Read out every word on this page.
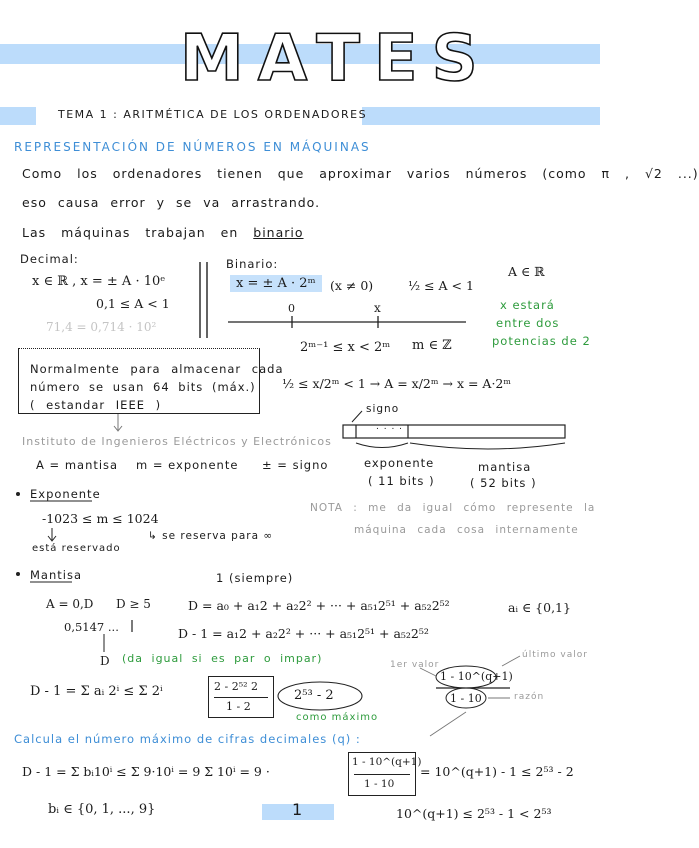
MATES
TEMA 1 : ARITMÉTICA DE LOS ORDENADORES
REPRESENTACIÓN DE NÚMEROS EN MÁQUINAS
Como los ordenadores tienen que aproximar varios números (como π , √2 ...)
eso causa error y se va arrastrando.
Las máquinas trabajan en binario
Decimal:
x ∈ ℝ , x = ± A · 10ᵉ
0,1 ≤ A < 1
71,4 = 0,714 · 10²
Binario:
x = ± A · 2ᵐ	(x ≠ 0)	½ ≤ A < 1
A ∈ ℝ
0	x	x estará
entre dos
potencias de 2
2ᵐ⁻¹ ≤ x < 2ᵐ m ∈ ℤ
½ ≤ x/2ᵐ < 1 → A = x/2ᵐ → x = A·2ᵐ
Normalmente para almacenar cada
número se usan 64 bits (máx.)
( estandar IEEE )
Instituto de Ingenieros Eléctricos y Electrónicos
A = mantisa m = exponente ± = signo
signo
. . . .
exponente
( 11 bits )
mantisa
( 52 bits )
Exponente
-1023 ≤ m ≤ 1024
está reservado
↳ se reserva para ∞
NOTA : me da igual cómo represente la
máquina cada cosa internamente
Mantisa	1 (siempre)
A = 0,D D ≥ 5
0,5147 ...
D = a₀ + a₁2 + a₂2² + ··· + a₅₁2⁵¹ + a₅₂2⁵²	aᵢ ∈ {0,1}
D - 1 = a₁2 + a₂2² + ··· + a₅₁2⁵¹ + a₅₂2⁵²
D (da igual si es par o impar)
D - 1 = Σ aᵢ 2ⁱ ≤ Σ 2ⁱ	2 - 2⁵² 2
1 - 2
2⁵³ - 2
como máximo
1er valor
último valor
razón
1 - 10^(q+1)
1 - 10
Calcula el número máximo de cifras decimales (q) :
D - 1 = Σ bᵢ10ⁱ ≤ Σ 9·10ⁱ = 9 Σ 10ⁱ = 9 ·
1 - 10^(q+1)
1 - 10
= 10^(q+1) - 1 ≤ 2⁵³ - 2
bᵢ ∈ {0, 1, ..., 9}	10^(q+1) ≤ 2⁵³ - 1 < 2⁵³
1
